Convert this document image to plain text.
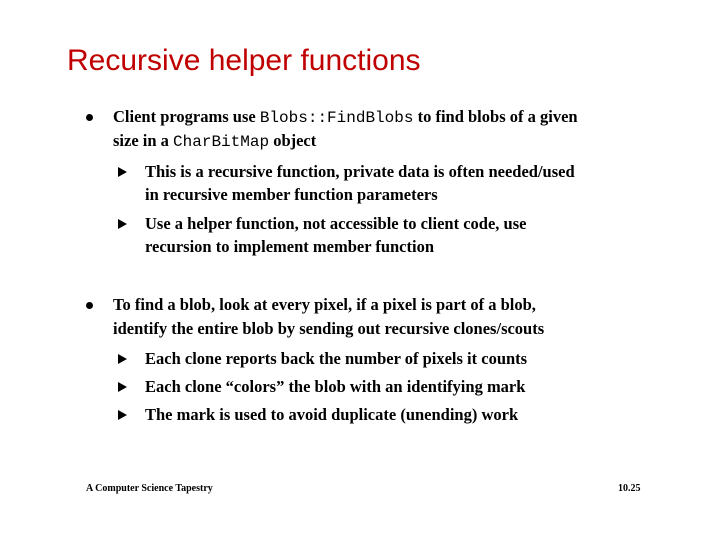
Recursive helper functions
Client programs use Blobs::FindBlobs to find blobs of a given
size in a CharBitMap object
This is a recursive function, private data is often needed/used
in recursive member function parameters
Use a helper function, not accessible to client code, use
recursion to implement member function
To find a blob, look at every pixel, if a pixel is part of a blob,
identify the entire blob by sending out recursive clones/scouts
Each clone reports back the number of pixels it counts
Each clone “colors” the blob with an identifying mark
The mark is used to avoid duplicate (unending) work
A Computer Science Tapestry	10.25
